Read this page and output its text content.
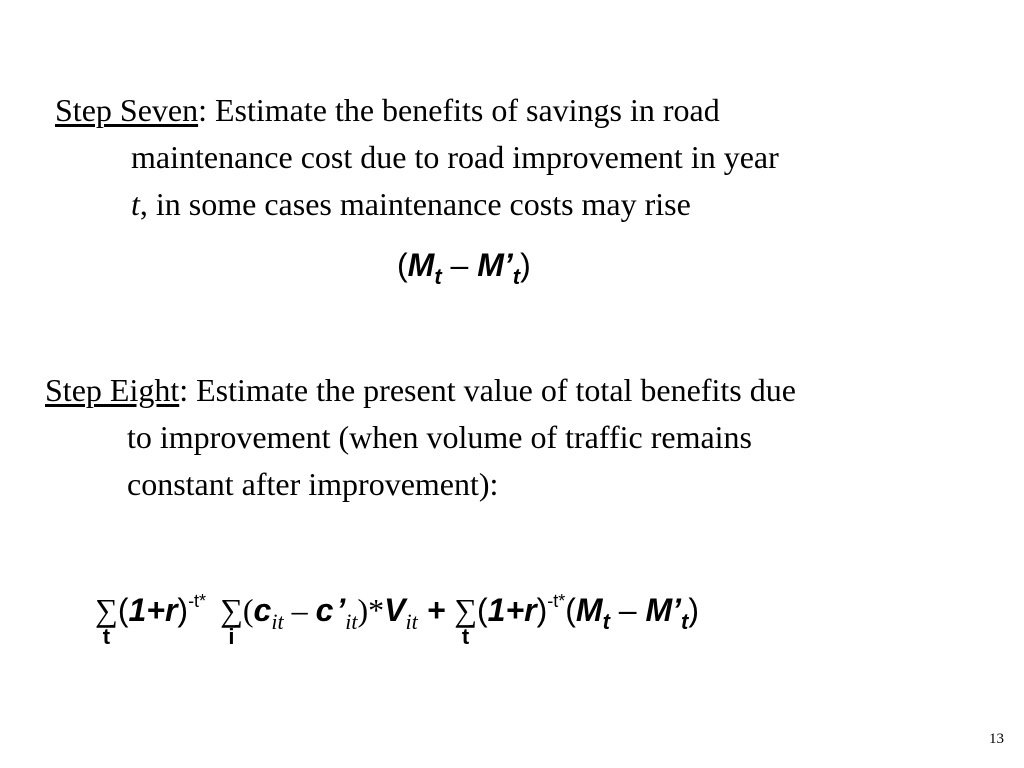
Step Seven: Estimate the benefits of savings in road
maintenance cost due to road improvement in year
t, in some cases maintenance costs may rise
($M_t$ – $M’_t$)
Step Eight: Estimate the present value of total benefits due
to improvement (when volume of traffic remains
constant after improvement):
∑
t
$(1+r)^{-t*}$ ∑
i
($c_{it}$ – $c’_{it})*V_{it}$ + ∑
t
$(1+r)^{-t*}(M_t$ – $M’_t$)
13
